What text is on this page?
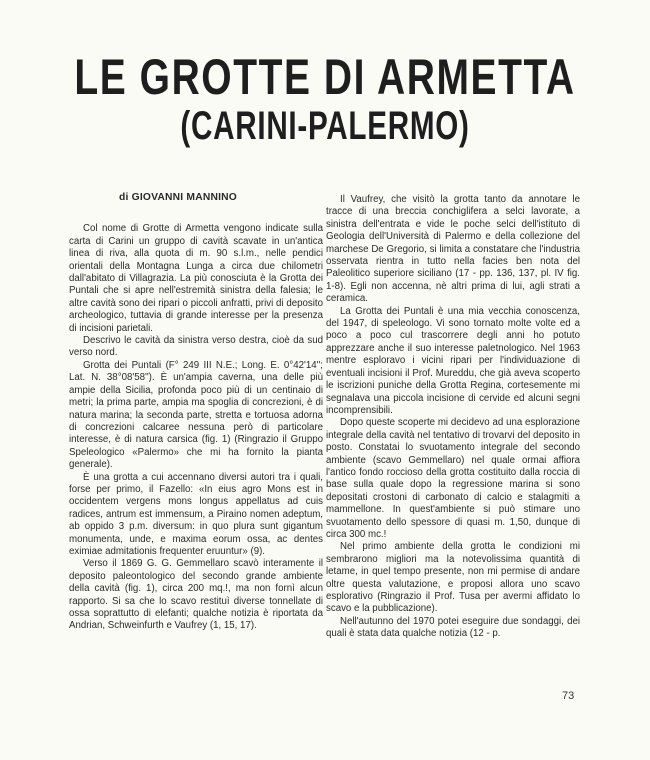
LE GROTTE DI ARMETTA
(CARINI-PALERMO)

di GIOVANNI MANNINO

Col nome di Grotte di Armetta vengono indicate sulla carta di Carini un gruppo di cavità scavate in un'antica linea di riva, alla quota di m. 90 s.l.m., nelle pendici orientali della Montagna Lunga a circa due chilometri dall'abitato di Villagrazia. La più conosciuta è la Grotta dei Puntali che si apre nell'estremità sinistra della falesia; le altre cavità sono dei ripari o piccoli anfratti, privi di deposito archeologico, tuttavia di grande interesse per la presenza di incisioni parietali.

Descrivo le cavità da sinistra verso destra, cioè da sud verso nord.

Grotta dei Puntali (F° 249 III N.E.; Long. E. 0°42'14''; Lat. N. 38°08'58''). È un'ampia caverna, una delle più ampie della Sicilia, profonda poco più di un centinaio di metri; la prima parte, ampia ma spoglia di concrezioni, è di natura marina; la seconda parte, stretta e tortuosa adorna di concrezioni calcaree nessuna però di particolare interesse, è di natura carsica (fig. 1) (Ringrazio il Gruppo Speleologico «Palermo» che mi ha fornito la pianta generale).

È una grotta a cui accennano diversi autori tra i quali, forse per primo, il Fazello: «In eius agro Mons est in occidentem vergens mons longus appellatus ad cuis radices, antrum est immensum, a Piraino nomen adeptum, ab oppido 3 p.m. diversum: in quo plura sunt gigantum monumenta, unde, e maxima eorum ossa, ac dentes eximiae admitationis frequenter eruuntur» (9).

Verso il 1869 G. G. Gemmellaro scavò interamente il deposito paleontologico del secondo grande ambiente della cavità (fig. 1), circa 200 mq.!, ma non fornì alcun rapporto. Si sa che lo scavo restituì diverse tonnellate di ossa soprattutto di elefanti; qualche notizia è riportata da Andrian, Schweinfurth e Vaufrey (1, 15, 17).

Il Vaufrey, che visitò la grotta tanto da annotare le tracce di una breccia conchiglifera a selci lavorate, a sinistra dell'entrata e vide le poche selci dell'istituto di Geologia dell'Università di Palermo e della collezione del marchese De Gregorio, si limita a constatare che l'industria osservata rientra in tutto nella facies ben nota del Paleolitico superiore siciliano (17 - pp. 136, 137, pl. IV fig. 1-8). Egli non accenna, nè altri prima di lui, agli strati a ceramica.

La Grotta dei Puntali è una mia vecchia conoscenza, del 1947, di speleologo. Vi sono tornato molte volte ed a poco a poco cul trascorrere degli anni ho potuto apprezzare anche il suo interesse paletnologico. Nel 1963 mentre esploravo i vicini ripari per l'individuazione di eventuali incisioni il Prof. Mureddu, che già aveva scoperto le iscrizioni puniche della Grotta Regina, cortesemente mi segnalava una piccola incisione di cervide ed alcuni segni incomprensibili.

Dopo queste scoperte mi decidevo ad una esplorazione integrale della cavità nel tentativo di trovarvi del deposito in posto. Constatai lo svuotamento integrale del secondo ambiente (scavo Gemmellaro) nel quale ormai affiora l'antico fondo roccioso della grotta costituito dalla roccia di base sulla quale dopo la regressione marina si sono depositati crostoni di carbonato di calcio e stalagmiti a mammellone. In quest'ambiente si può stimare uno svuotamento dello spessore di quasi m. 1,50, dunque di circa 300 mc.!

Nel primo ambiente della grotta le condizioni mi sembrarono migliori ma la notevolissima quantità di letame, in quel tempo presente, non mi permise di andare oltre questa valutazione, e proposi allora uno scavo esplorativo (Ringrazio il Prof. Tusa per avermi affidato lo scavo e la pubblicazione).

Nell'autunno del 1970 potei eseguire due sondaggi, dei quali è stata data qualche notizia (12 - p.

73
